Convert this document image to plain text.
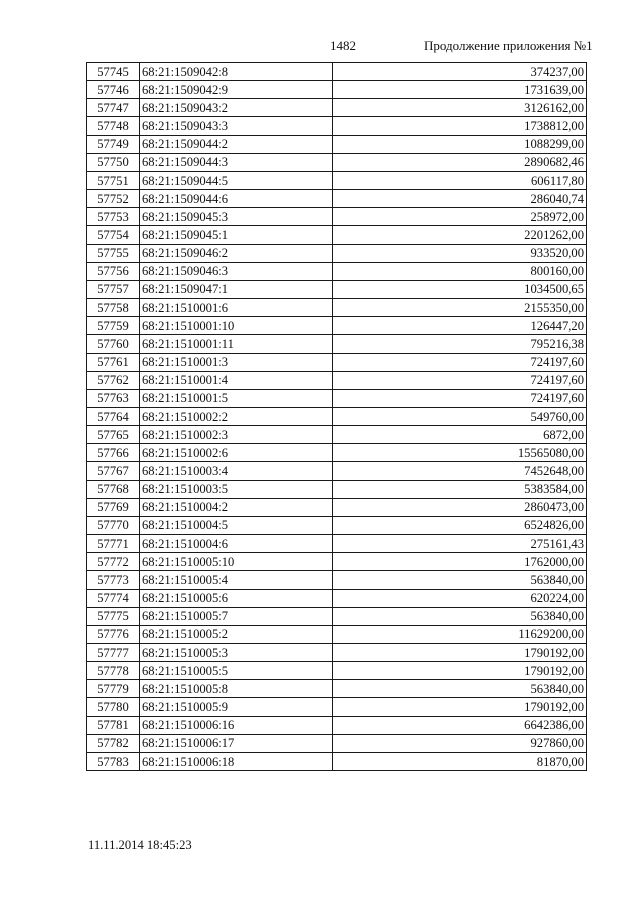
1482	Продолжение приложения №1
57745	68:21:1509042:8	374237,00
57746	68:21:1509042:9	1731639,00
57747	68:21:1509043:2	3126162,00
57748	68:21:1509043:3	1738812,00
57749	68:21:1509044:2	1088299,00
57750	68:21:1509044:3	2890682,46
57751	68:21:1509044:5	606117,80
57752	68:21:1509044:6	286040,74
57753	68:21:1509045:3	258972,00
57754	68:21:1509045:1	2201262,00
57755	68:21:1509046:2	933520,00
57756	68:21:1509046:3	800160,00
57757	68:21:1509047:1	1034500,65
57758	68:21:1510001:6	2155350,00
57759	68:21:1510001:10	126447,20
57760	68:21:1510001:11	795216,38
57761	68:21:1510001:3	724197,60
57762	68:21:1510001:4	724197,60
57763	68:21:1510001:5	724197,60
57764	68:21:1510002:2	549760,00
57765	68:21:1510002:3	6872,00
57766	68:21:1510002:6	15565080,00
57767	68:21:1510003:4	7452648,00
57768	68:21:1510003:5	5383584,00
57769	68:21:1510004:2	2860473,00
57770	68:21:1510004:5	6524826,00
57771	68:21:1510004:6	275161,43
57772	68:21:1510005:10	1762000,00
57773	68:21:1510005:4	563840,00
57774	68:21:1510005:6	620224,00
57775	68:21:1510005:7	563840,00
57776	68:21:1510005:2	11629200,00
57777	68:21:1510005:3	1790192,00
57778	68:21:1510005:5	1790192,00
57779	68:21:1510005:8	563840,00
57780	68:21:1510005:9	1790192,00
57781	68:21:1510006:16	6642386,00
57782	68:21:1510006:17	927860,00
57783	68:21:1510006:18	81870,00
11.11.2014 18:45:23
